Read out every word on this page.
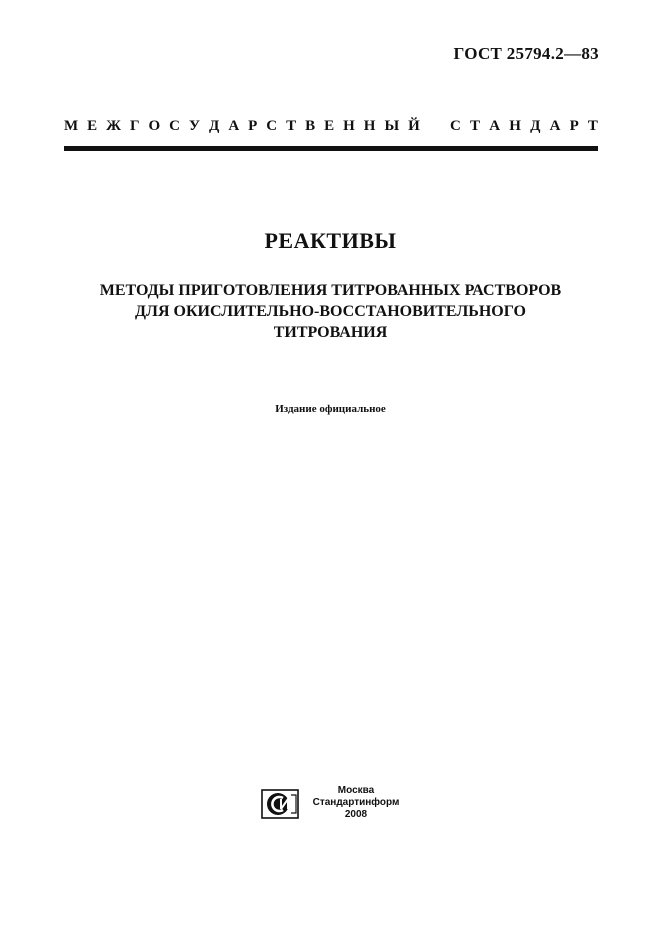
ГОСТ 25794.2—83
М Е Ж Г О С У Д А Р С Т В Е Н Н Ы Й С Т А Н Д А Р Т
РЕАКТИВЫ
МЕТОДЫ ПРИГОТОВЛЕНИЯ ТИТРОВАННЫХ РАСТВОРОВ
ДЛЯ ОКИСЛИТЕЛЬНО-ВОССТАНОВИТЕЛЬНОГО
ТИТРОВАНИЯ
Издание официальное
Москва
Стандартинформ
2008
